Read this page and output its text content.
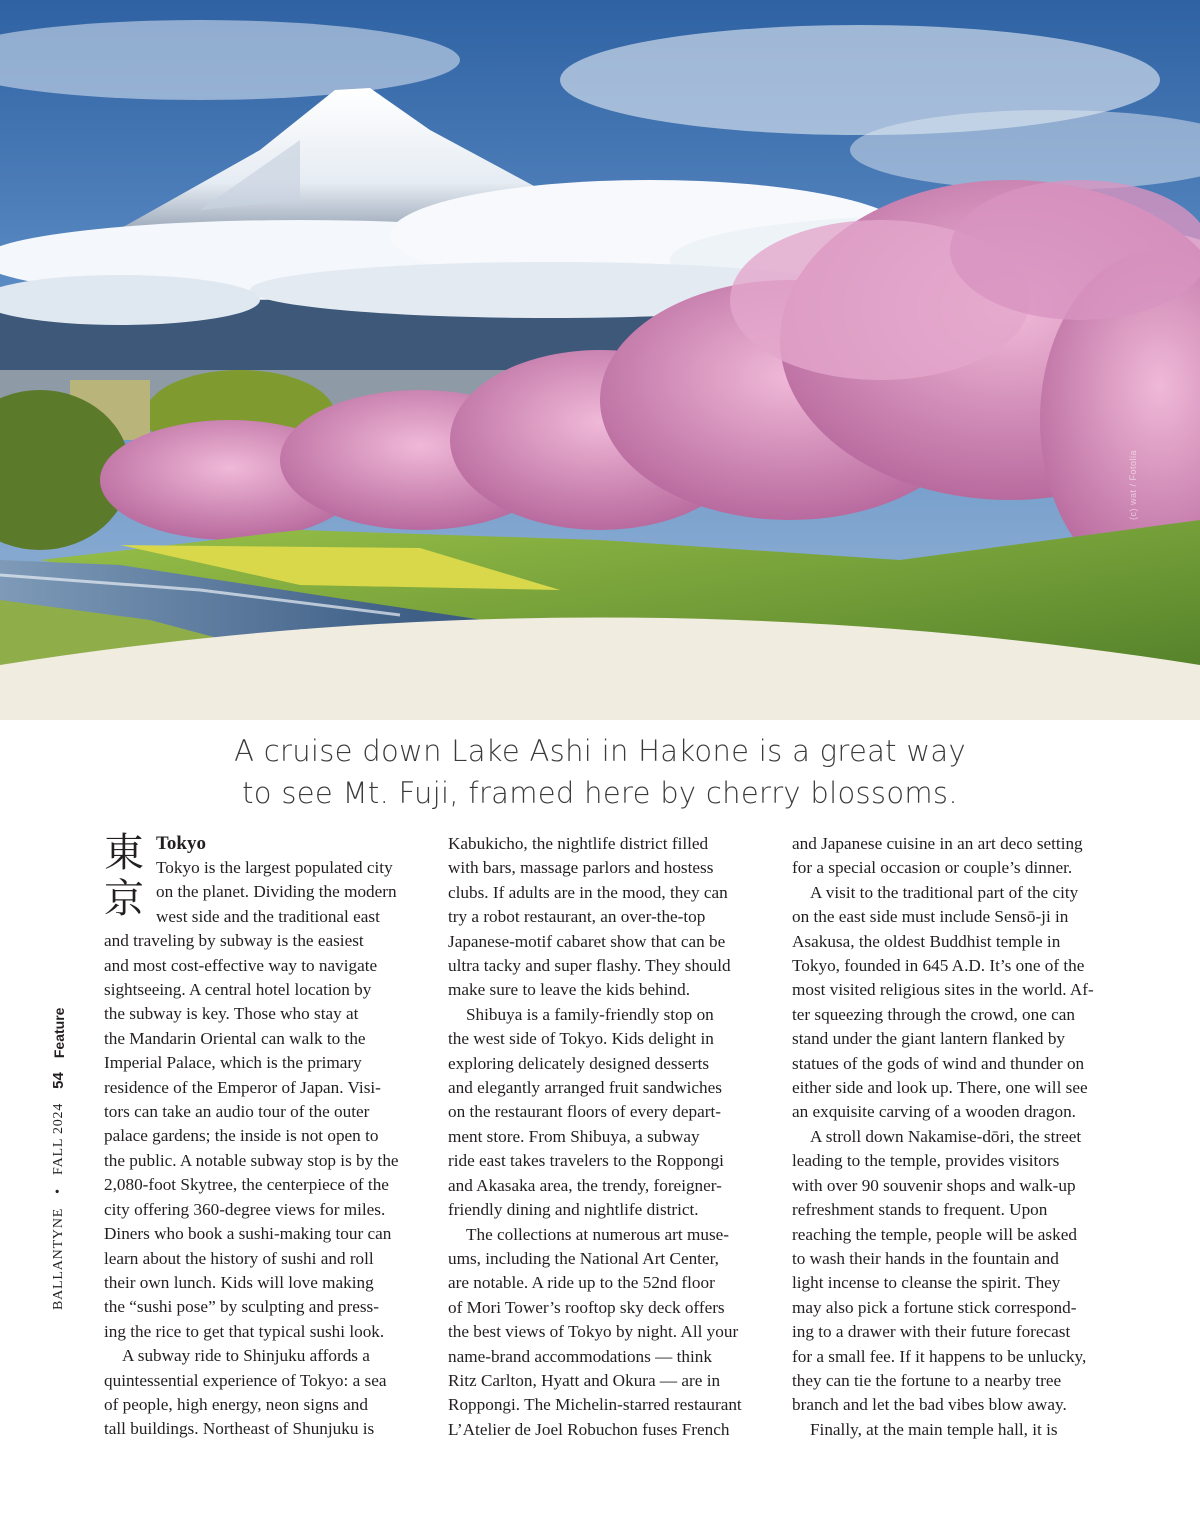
(c) wat / Fotolia
A cruise down Lake Ashi in Hakone is a great way
to see Mt. Fuji, framed here by cherry blossoms.
BALLANTYNE
•
FALL 2024
54
Feature
東
京
Tokyo
Tokyo is the largest populated city
on the planet. Dividing the modern
west side and the traditional east
and traveling by subway is the easiest
and most cost-effective way to navigate
sightseeing. A central hotel location by
the subway is key. Those who stay at
the Mandarin Oriental can walk to the
Imperial Palace, which is the primary
residence of the Emperor of Japan. Visi-
tors can take an audio tour of the outer
palace gardens; the inside is not open to
the public. A notable subway stop is by the
2,080-foot Skytree, the centerpiece of the
city offering 360-degree views for miles.
Diners who book a sushi-making tour can
learn about the history of sushi and roll
their own lunch. Kids will love making
the “sushi pose” by sculpting and press-
ing the rice to get that typical sushi look.
A subway ride to Shinjuku affords a
quintessential experience of Tokyo: a sea
of people, high energy, neon signs and
tall buildings. Northeast of Shunjuku is
Kabukicho, the nightlife district filled
with bars, massage parlors and hostess
clubs. If adults are in the mood, they can
try a robot restaurant, an over-the-top
Japanese-motif cabaret show that can be
ultra tacky and super flashy. They should
make sure to leave the kids behind.
Shibuya is a family-friendly stop on
the west side of Tokyo. Kids delight in
exploring delicately designed desserts
and elegantly arranged fruit sandwiches
on the restaurant floors of every depart-
ment store. From Shibuya, a subway
ride east takes travelers to the Roppongi
and Akasaka area, the trendy, foreigner-
friendly dining and nightlife district.
The collections at numerous art muse-
ums, including the National Art Center,
are notable. A ride up to the 52nd floor
of Mori Tower’s rooftop sky deck offers
the best views of Tokyo by night. All your
name-brand accommodations — think
Ritz Carlton, Hyatt and Okura — are in
Roppongi. The Michelin-starred restaurant
L’Atelier de Joel Robuchon fuses French
and Japanese cuisine in an art deco setting
for a special occasion or couple’s dinner.
A visit to the traditional part of the city
on the east side must include Sensō-ji in
Asakusa, the oldest Buddhist temple in
Tokyo, founded in 645 A.D. It’s one of the
most visited religious sites in the world. Af-
ter squeezing through the crowd, one can
stand under the giant lantern flanked by
statues of the gods of wind and thunder on
either side and look up. There, one will see
an exquisite carving of a wooden dragon.
A stroll down Nakamise-dōri, the street
leading to the temple, provides visitors
with over 90 souvenir shops and walk-up
refreshment stands to frequent. Upon
reaching the temple, people will be asked
to wash their hands in the fountain and
light incense to cleanse the spirit. They
may also pick a fortune stick correspond-
ing to a drawer with their future forecast
for a small fee. If it happens to be unlucky,
they can tie the fortune to a nearby tree
branch and let the bad vibes blow away.
Finally, at the main temple hall, it is
